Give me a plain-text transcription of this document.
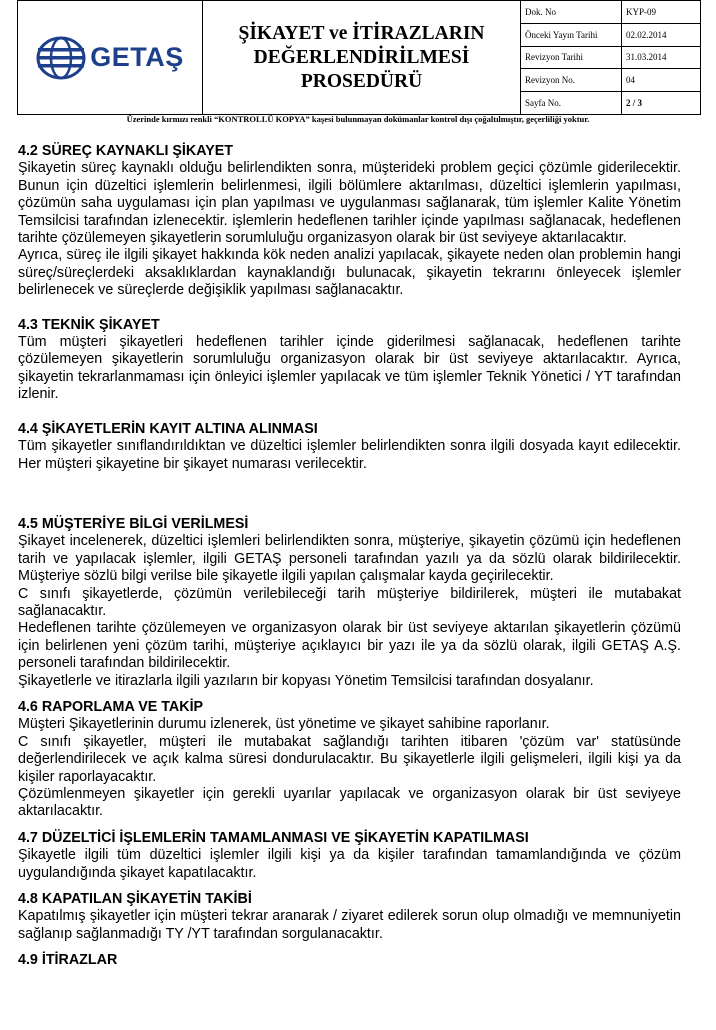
GETAŞ	ŞİKAYET ve İTİRAZLARIN
DEĞERLENDİRİLMESİ
PROSEDÜRÜ	Dok. No	KYP-09
		Önceki Yayın Tarihi	02.02.2014
		Revizyon Tarihi	31.03.2014
		Revizyon No.	04
		Sayfa No.	2 / 3
Üzerinde kırmızı renkli “KONTROLLÜ KOPYA” kaşesi bulunmayan dokümanlar kontrol dışı çoğaltılmıştır, geçerliliği yoktur.
4.2 SÜREÇ KAYNAKLI ŞİKAYET

Şikayetin süreç kaynaklı olduğu belirlendikten sonra, müşterideki problem geçici çözümle giderilecektir. Bunun için düzeltici işlemlerin belirlenmesi, ilgili bölümlere aktarılması, düzeltici işlemlerin yapılması, çözümün saha uygulaması için plan yapılması ve uygulanması sağlanarak, tüm işlemler Kalite Yönetim Temsilcisi tarafından izlenecektir. işlemlerin hedeflenen tarihler içinde yapılması sağlanacak, hedeflenen tarihte çözülemeyen şikayetlerin sorumluluğu organizasyon olarak bir üst seviyeye aktarılacaktır.

Ayrıca, süreç ile ilgili şikayet hakkında kök neden analizi yapılacak, şikayete neden olan problemin hangi süreç/süreçlerdeki aksaklıklardan kaynaklandığı bulunacak, şikayetin tekrarını önleyecek işlemler belirlenecek ve süreçlerde değişiklik yapılması sağlanacaktır.

4.3 TEKNİK ŞİKAYET

Tüm müşteri şikayetleri hedeflenen tarihler içinde giderilmesi sağlanacak, hedeflenen tarihte çözülemeyen şikayetlerin sorumluluğu organizasyon olarak bir üst seviyeye aktarılacaktır. Ayrıca, şikayetin tekrarlanmaması için önleyici işlemler yapılacak ve tüm işlemler Teknik Yönetici / YT tarafından izlenir.

4.4 ŞİKAYETLERİN KAYIT ALTINA ALINMASI

Tüm şikayetler sınıflandırıldıktan ve düzeltici işlemler belirlendikten sonra ilgili dosyada kayıt edilecektir. Her müşteri şikayetine bir şikayet numarası verilecektir.

4.5 MÜŞTERİYE BİLGİ VERİLMESİ

Şikayet incelenerek, düzeltici işlemleri belirlendikten sonra, müşteriye, şikayetin çözümü için hedeflenen tarih ve yapılacak işlemler, ilgili GETAŞ personeli tarafından yazılı ya da sözlü olarak bildirilecektir. Müşteriye sözlü bilgi verilse bile şikayetle ilgili yapılan çalışmalar kayda geçirilecektir.

C sınıfı şikayetlerde, çözümün verilebileceği tarih müşteriye bildirilerek, müşteri ile mutabakat sağlanacaktır.

Hedeflenen tarihte çözülemeyen ve organizasyon olarak bir üst seviyeye aktarılan şikayetlerin çözümü için belirlenen yeni çözüm tarihi, müşteriye açıklayıcı bir yazı ile ya da sözlü olarak, ilgili GETAŞ A.Ş. personeli tarafından bildirilecektir.

Şikayetlerle ve itirazlarla ilgili yazıların bir kopyası Yönetim Temsilcisi tarafından dosyalanır.

4.6 RAPORLAMA VE TAKİP

Müşteri Şikayetlerinin durumu izlenerek, üst yönetime ve şikayet sahibine raporlanır.

C sınıfı şikayetler, müşteri ile mutabakat sağlandığı tarihten itibaren 'çözüm var' statüsünde değerlendirilecek ve açık kalma süresi dondurulacaktır. Bu şikayetlerle ilgili gelişmeleri, ilgili kişi ya da kişiler raporlayacaktır.

Çözümlenmeyen şikayetler için gerekli uyarılar yapılacak ve organizasyon olarak bir üst seviyeye aktarılacaktır.

4.7 DÜZELTİCİ İŞLEMLERİN TAMAMLANMASI VE ŞİKAYETİN KAPATILMASI

Şikayetle ilgili tüm düzeltici işlemler ilgili kişi ya da kişiler tarafından tamamlandığında ve çözüm uygulandığında şikayet kapatılacaktır.

4.8 KAPATILAN ŞİKAYETİN TAKİBİ

Kapatılmış şikayetler için müşteri tekrar aranarak / ziyaret edilerek sorun olup olmadığı ve memnuniyetin sağlanıp sağlanmadığı TY /YT tarafından sorgulanacaktır.

4.9 İTİRAZLAR
